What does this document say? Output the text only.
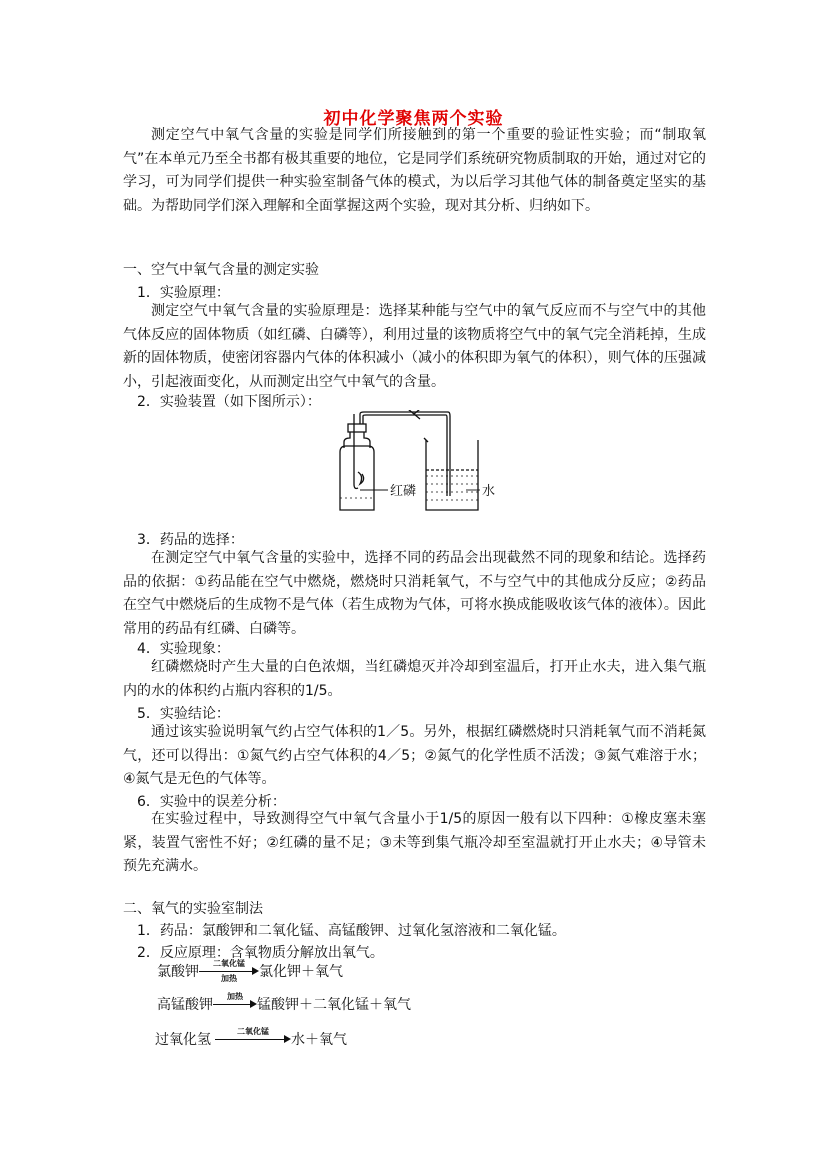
初中化学聚焦两个实验

测定空气中氧气含量的实验是同学们所接触到的第一个重要的验证性实验；而“制取氧气”在本单元乃至全书都有极其重要的地位，它是同学们系统研究物质制取的开始，通过对它的学习，可为同学们提供一种实验室制备气体的模式，为以后学习其他气体的制备奠定坚实的基础。为帮助同学们深入理解和全面掌握这两个实验，现对其分析、归纳如下。

一、空气中氧气含量的测定实验
1．实验原理：

测定空气中氧气含量的实验原理是：选择某种能与空气中的氧气反应而不与空气中的其他气体反应的固体物质（如红磷、白磷等），利用过量的该物质将空气中的氧气完全消耗掉，生成新的固体物质，使密闭容器内气体的体积减小（减小的体积即为氧气的体积），则气体的压强减小，引起液面变化，从而测定出空气中氧气的含量。

2．实验装置（如下图所示）：
红磷	水
3．药品的选择：

在测定空气中氧气含量的实验中，选择不同的药品会出现截然不同的现象和结论。选择药品的依据：①药品能在空气中燃烧，燃烧时只消耗氧气，不与空气中的其他成分反应；②药品在空气中燃烧后的生成物不是气体（若生成物为气体，可将水换成能吸收该气体的液体）。因此常用的药品有红磷、白磷等。

4．实验现象：

红磷燃烧时产生大量的白色浓烟，当红磷熄灭并冷却到室温后，打开止水夫，进入集气瓶内的水的体积约占瓶内容积的1/5。

5．实验结论：

通过该实验说明氧气约占空气体积的1／5。另外，根据红磷燃烧时只消耗氧气而不消耗氮气，还可以得出：①氮气约占空气体积的4／5；②氮气的化学性质不活泼；③氮气难溶于水；④氮气是无色的气体等。

6．实验中的误差分析：

在实验过程中，导致测得空气中氧气含量小于1/5的原因一般有以下四种：①橡皮塞未塞紧，装置气密性不好；②红磷的量不足；③未等到集气瓶冷却至室温就打开止水夫；④导管未预先充满水。

二、氧气的实验室制法
1．药品：氯酸钾和二氧化锰、高锰酸钾、过氧化氢溶液和二氧化锰。
2．反应原理：含氧物质分解放出氧气。
氯酸钾
二氧化锰
加热	氯化钾＋氧气
高锰酸钾
加热
锰酸钾＋二氧化锰＋氧气
过氧化氢
二氧化锰
水＋氧气
